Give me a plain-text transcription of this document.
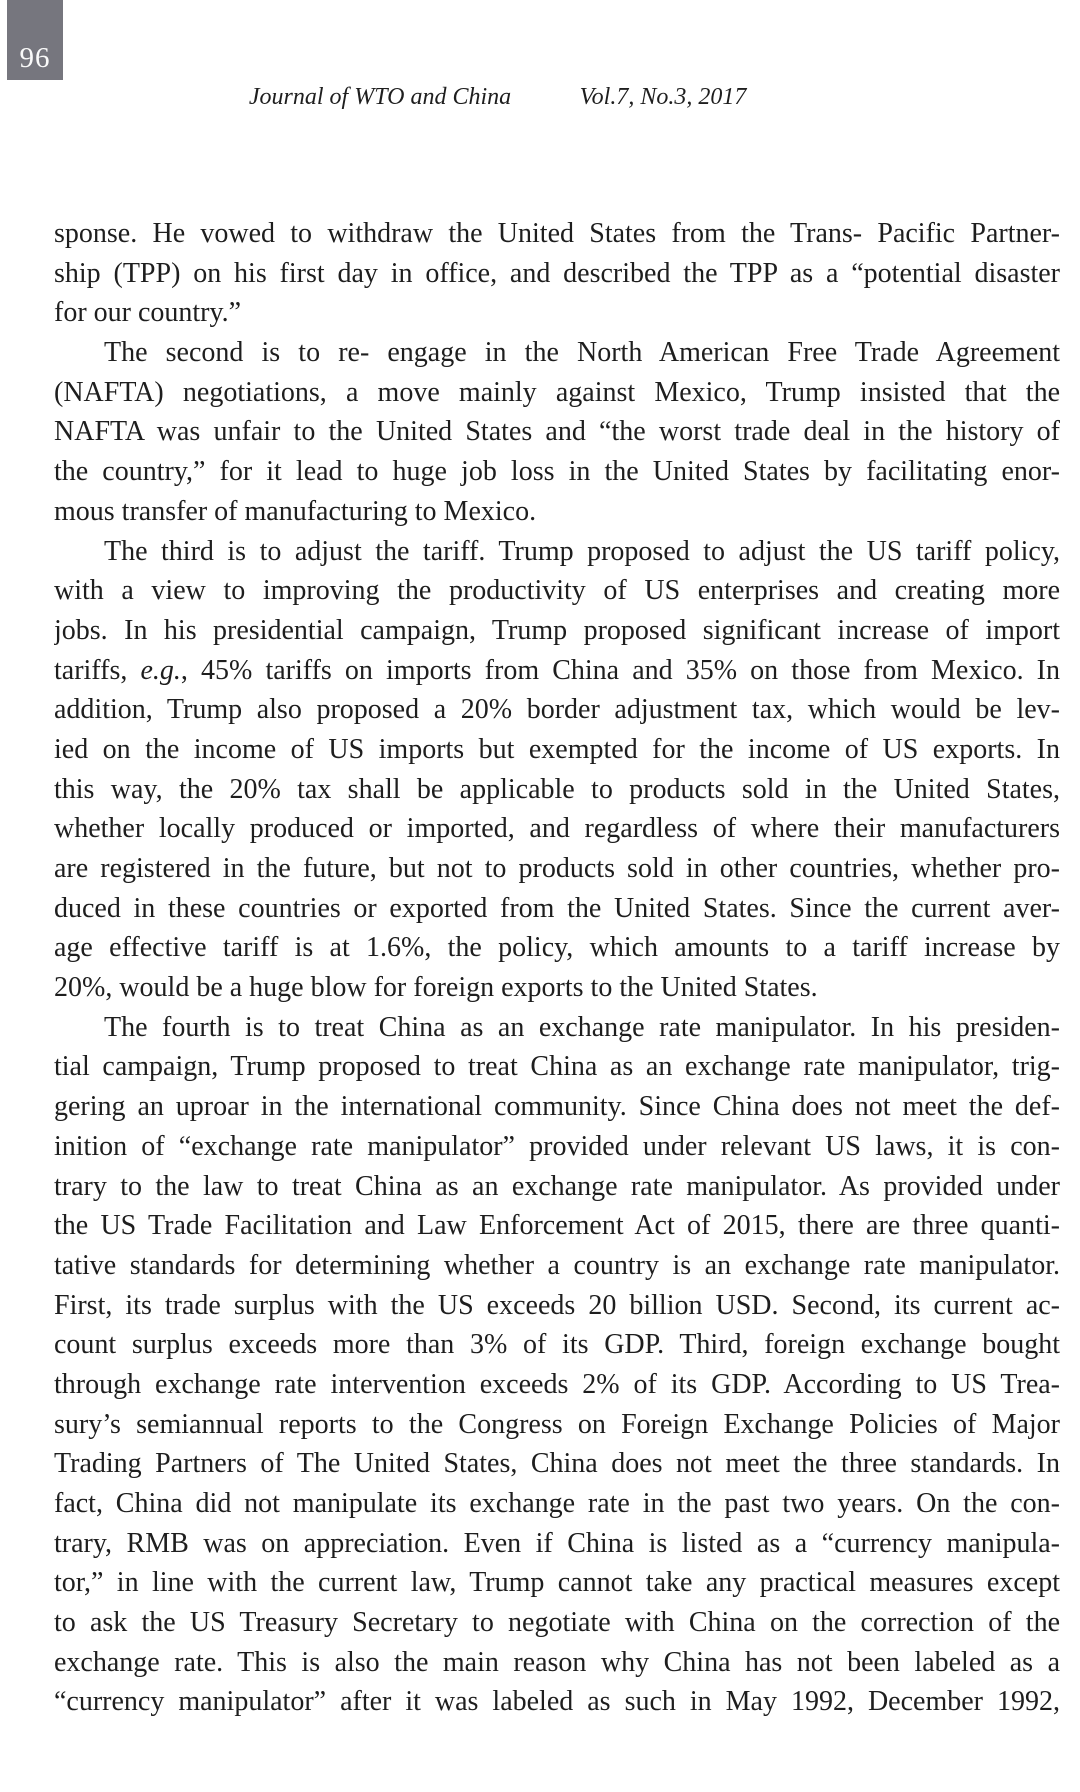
96
Journal of WTO and China	Vol.7, No.3, 2017
sponse. He vowed to withdraw the United States from the Trans- Pacific Partner-
ship (TPP) on his first day in office, and described the TPP as a “potential disaster
for our country.”
The second is to re- engage in the North American Free Trade Agreement
(NAFTA) negotiations, a move mainly against Mexico, Trump insisted that the
NAFTA was unfair to the United States and “the worst trade deal in the history of
the country,” for it lead to huge job loss in the United States by facilitating enor-
mous transfer of manufacturing to Mexico.
The third is to adjust the tariff. Trump proposed to adjust the US tariff policy,
with a view to improving the productivity of US enterprises and creating more
jobs. In his presidential campaign, Trump proposed significant increase of import
tariffs, e.g., 45% tariffs on imports from China and 35% on those from Mexico. In
addition, Trump also proposed a 20% border adjustment tax, which would be lev-
ied on the income of US imports but exempted for the income of US exports. In
this way, the 20% tax shall be applicable to products sold in the United States,
whether locally produced or imported, and regardless of where their manufacturers
are registered in the future, but not to products sold in other countries, whether pro-
duced in these countries or exported from the United States. Since the current aver-
age effective tariff is at 1.6%, the policy, which amounts to a tariff increase by
20%, would be a huge blow for foreign exports to the United States.
The fourth is to treat China as an exchange rate manipulator. In his presiden-
tial campaign, Trump proposed to treat China as an exchange rate manipulator, trig-
gering an uproar in the international community. Since China does not meet the def-
inition of “exchange rate manipulator” provided under relevant US laws, it is con-
trary to the law to treat China as an exchange rate manipulator. As provided under
the US Trade Facilitation and Law Enforcement Act of 2015, there are three quanti-
tative standards for determining whether a country is an exchange rate manipulator.
First, its trade surplus with the US exceeds 20 billion USD. Second, its current ac-
count surplus exceeds more than 3% of its GDP. Third, foreign exchange bought
through exchange rate intervention exceeds 2% of its GDP. According to US Trea-
sury’s semiannual reports to the Congress on Foreign Exchange Policies of Major
Trading Partners of The United States, China does not meet the three standards. In
fact, China did not manipulate its exchange rate in the past two years. On the con-
trary, RMB was on appreciation. Even if China is listed as a “currency manipula-
tor,” in line with the current law, Trump cannot take any practical measures except
to ask the US Treasury Secretary to negotiate with China on the correction of the
exchange rate. This is also the main reason why China has not been labeled as a
“currency manipulator” after it was labeled as such in May 1992, December 1992,
